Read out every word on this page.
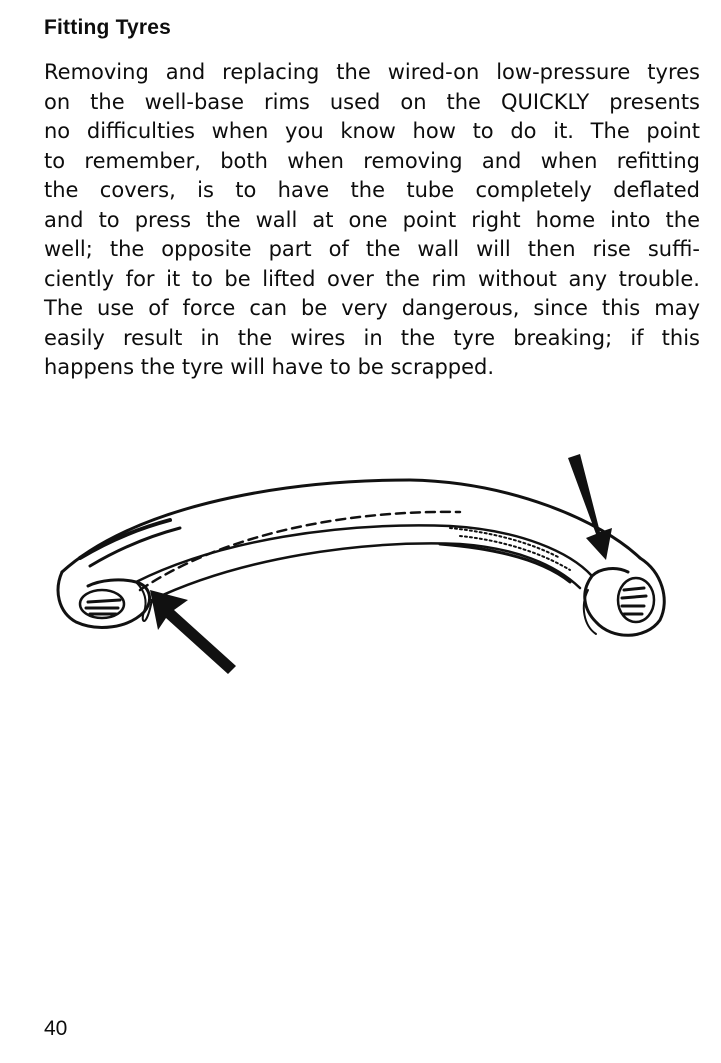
Fitting Tyres
Removing and replacing the wired-on low-pressure tyres
on the well-base rims used on the QUICKLY presents
no difficulties when you know how to do it. The point
to remember, both when removing and when refitting
the covers, is to have the tube completely deflated
and to press the wall at one point right home into the
well; the opposite part of the wall will then rise suffi-
ciently for it to be lifted over the rim without any trouble.
The use of force can be very dangerous, since this may
easily result in the wires in the tyre breaking; if this
happens the tyre will have to be scrapped.

40
